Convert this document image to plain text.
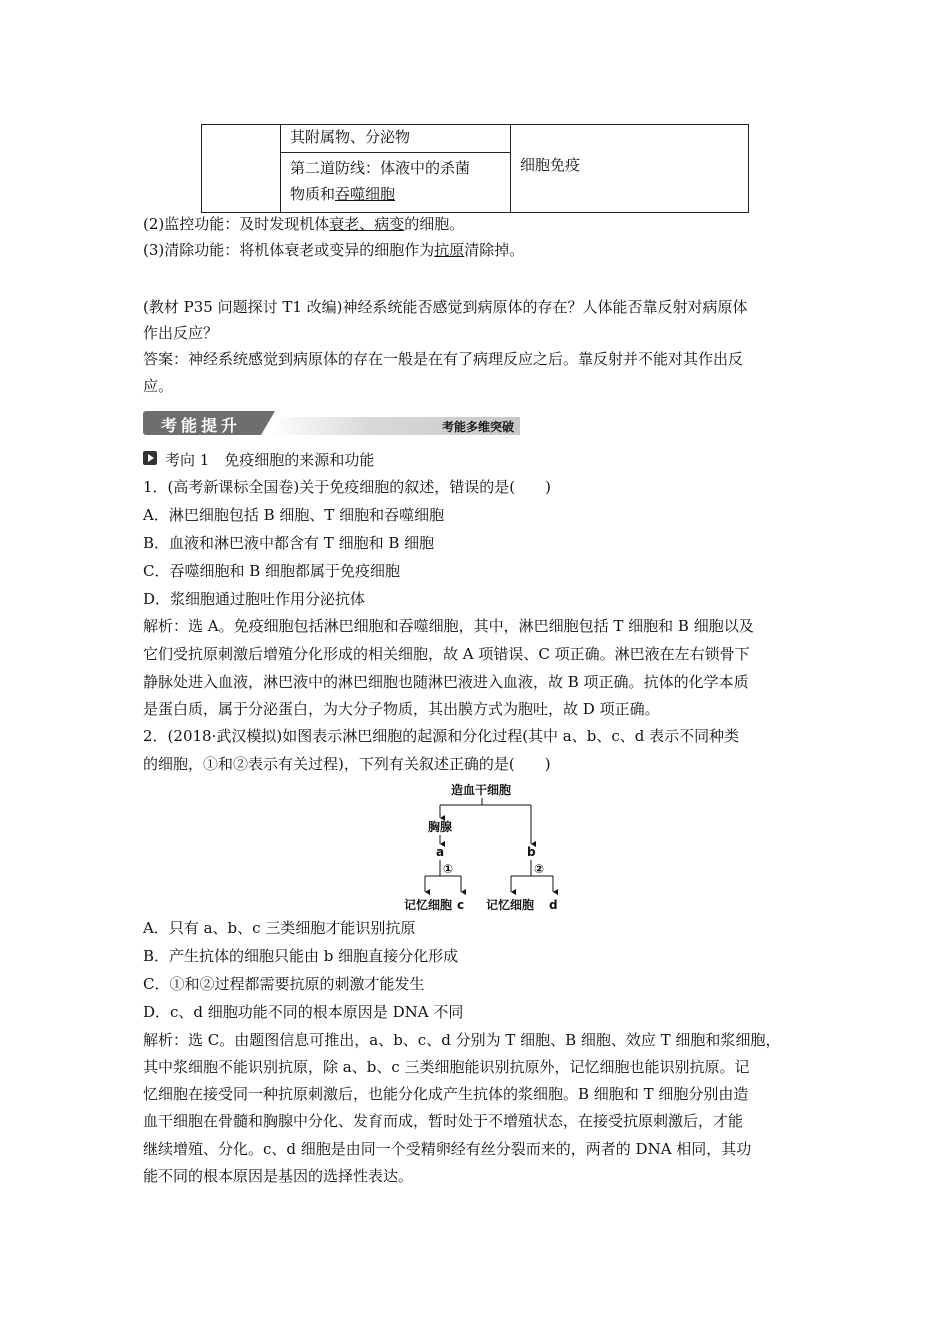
其附属物、分泌物
第二道防线：体液中的杀菌
物质和吞噬细胞
细胞免疫
(2)监控功能：及时发现机体衰老、病变的细胞。
(3)清除功能：将机体衰老或变异的细胞作为抗原清除掉。
(教材 P35 问题探讨 T1 改编)神经系统能否感觉到病原体的存在？人体能否靠反射对病原体
作出反应？
答案：神经系统感觉到病原体的存在一般是在有了病理反应之后。靠反射并不能对其作出反
应。
考能多维突破
考能提升
考向 1　免疫细胞的来源和功能
1．(高考新课标全国卷)关于免疫细胞的叙述，错误的是(　　)
A．淋巴细胞包括 B 细胞、T 细胞和吞噬细胞
B．血液和淋巴液中都含有 T 细胞和 B 细胞
C．吞噬细胞和 B 细胞都属于免疫细胞
D．浆细胞通过胞吐作用分泌抗体
解析：选 A。免疫细胞包括淋巴细胞和吞噬细胞，其中，淋巴细胞包括 T 细胞和 B 细胞以及
它们受抗原刺激后增殖分化形成的相关细胞，故 A 项错误、C 项正确。淋巴液在左右锁骨下
静脉处进入血液，淋巴液中的淋巴细胞也随淋巴液进入血液，故 B 项正确。抗体的化学本质
是蛋白质，属于分泌蛋白，为大分子物质，其出膜方式为胞吐，故 D 项正确。
2．(2018·武汉模拟)如图表示淋巴细胞的起源和分化过程(其中 a、b、c、d 表示不同种类
的细胞，①和②表示有关过程)，下列有关叙述正确的是(　　)
造血干细胞
胸腺
a	b
①	②
记忆细胞 c 记忆细胞 d
A．只有 a、b、c 三类细胞才能识别抗原
B．产生抗体的细胞只能由 b 细胞直接分化形成
C．①和②过程都需要抗原的刺激才能发生
D．c、d 细胞功能不同的根本原因是 DNA 不同
解析：选 C。由题图信息可推出，a、b、c、d 分别为 T 细胞、B 细胞、效应 T 细胞和浆细胞，
其中浆细胞不能识别抗原，除 a、b、c 三类细胞能识别抗原外，记忆细胞也能识别抗原。记
忆细胞在接受同一种抗原刺激后，也能分化成产生抗体的浆细胞。B 细胞和 T 细胞分别由造
血干细胞在骨髓和胸腺中分化、发育而成，暂时处于不增殖状态，在接受抗原刺激后，才能
继续增殖、分化。c、d 细胞是由同一个受精卵经有丝分裂而来的，两者的 DNA 相同，其功
能不同的根本原因是基因的选择性表达。
